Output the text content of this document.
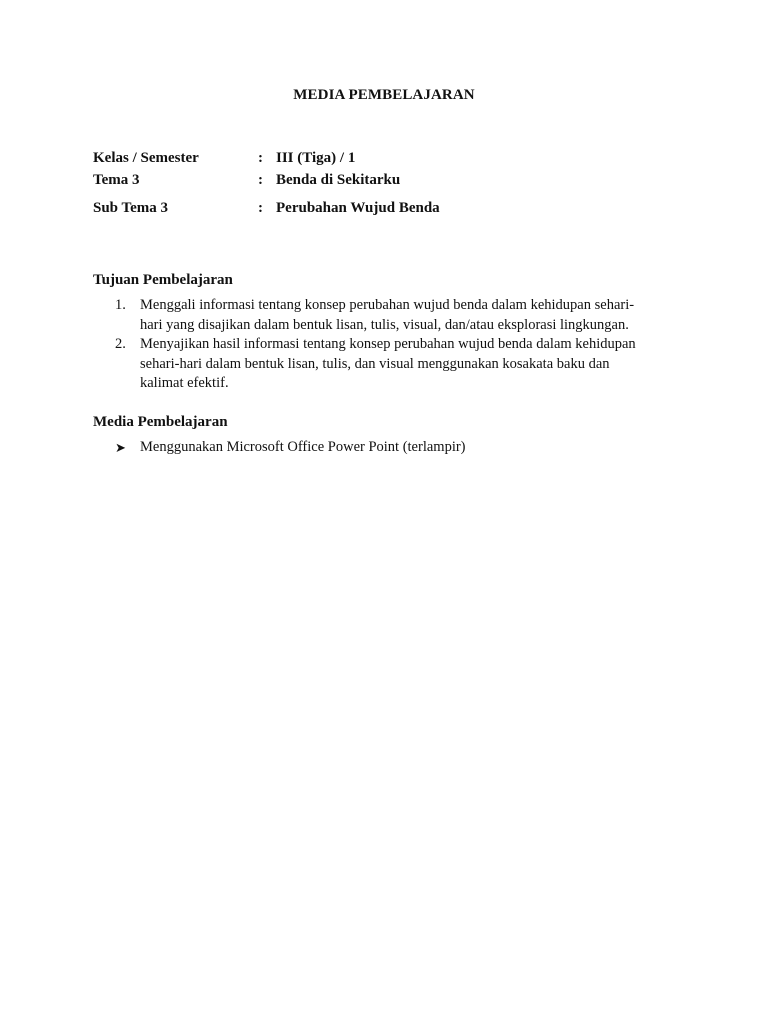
MEDIA PEMBELAJARAN
Kelas / Semester	: III (Tiga) / 1
Tema 3	: Benda di Sekitarku
Sub Tema 3	: Perubahan Wujud Benda
Tujuan Pembelajaran
1. Menggali informasi tentang konsep perubahan wujud benda dalam kehidupan sehari-
hari yang disajikan dalam bentuk lisan, tulis, visual, dan/atau eksplorasi lingkungan.
2. Menyajikan hasil informasi tentang konsep perubahan wujud benda dalam kehidupan
sehari-hari dalam bentuk lisan, tulis, dan visual menggunakan kosakata baku dan
kalimat efektif.
Media Pembelajaran
➤ Menggunakan Microsoft Office Power Point (terlampir)
